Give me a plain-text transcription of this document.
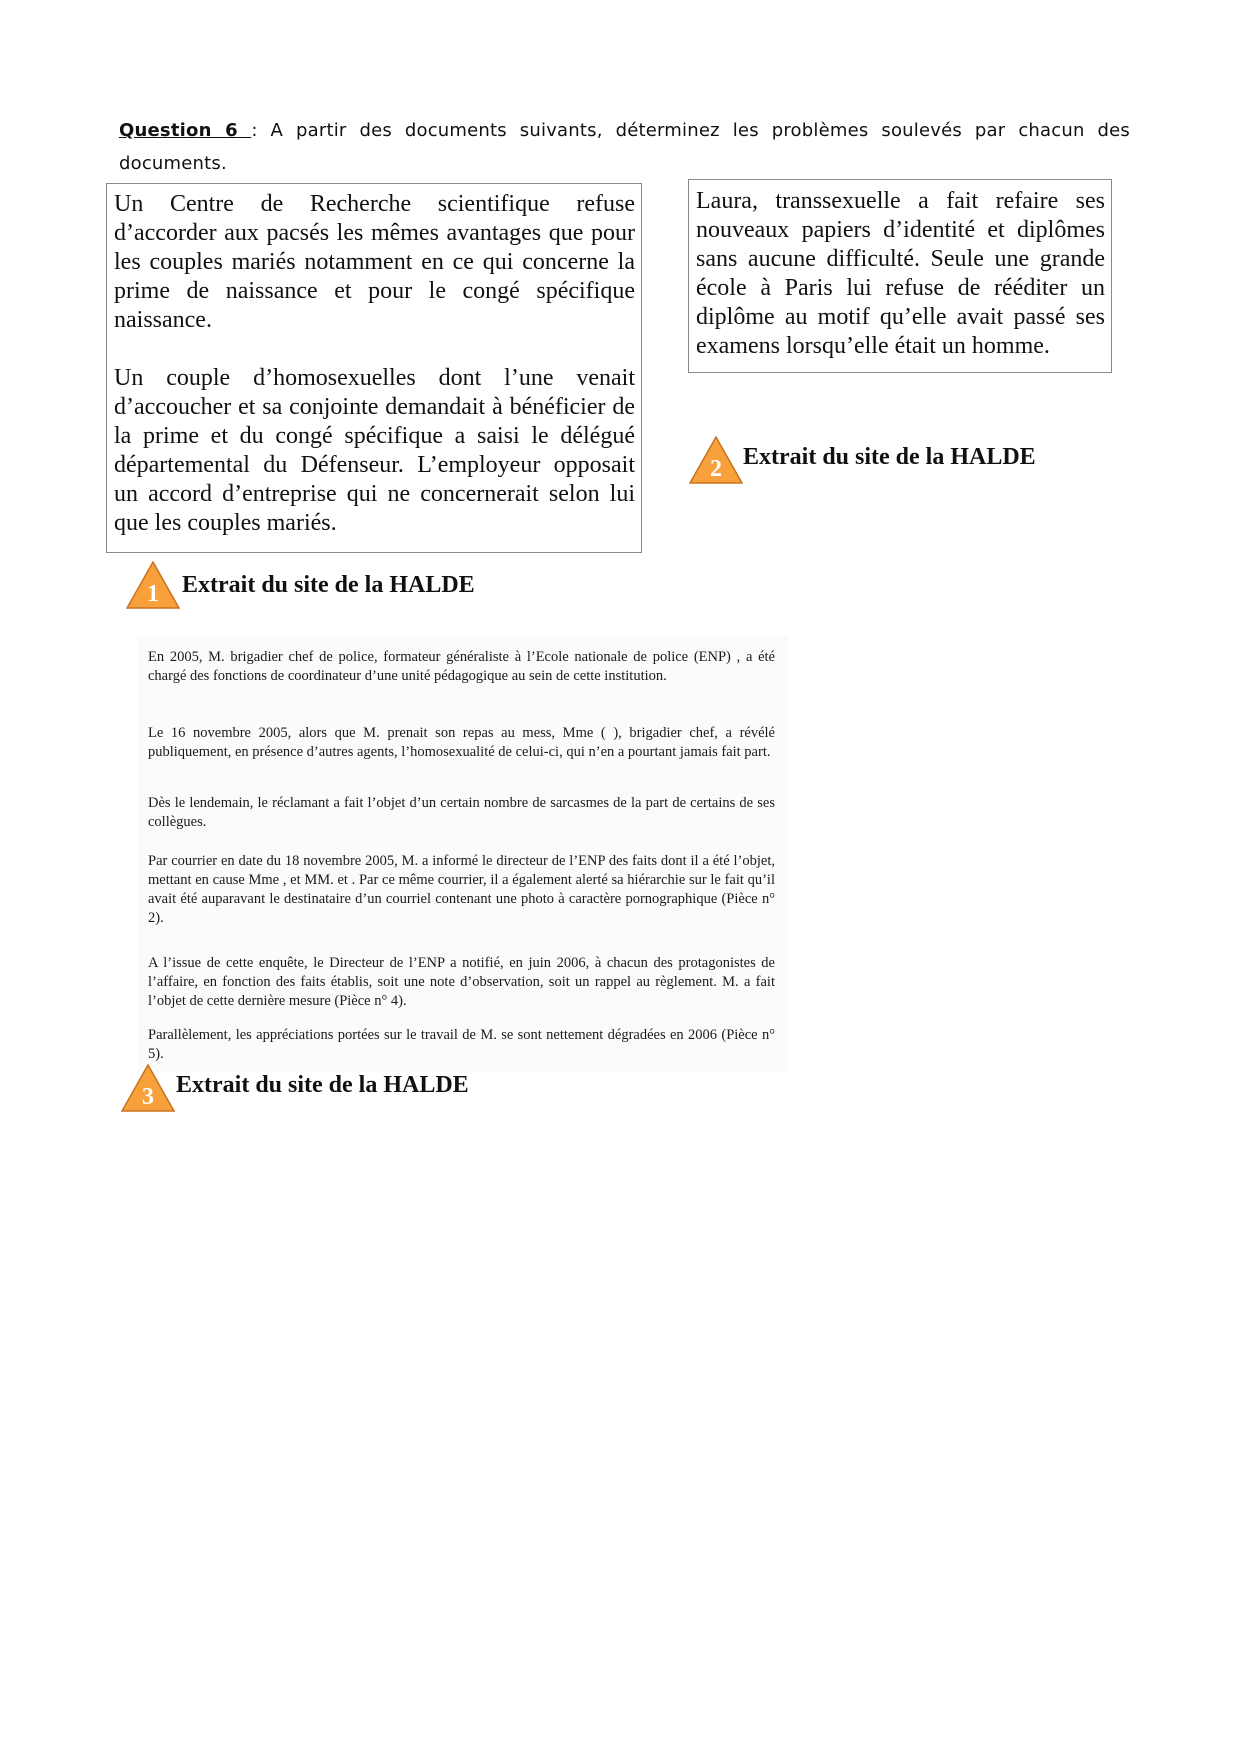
Question 6 : A partir des documents suivants, déterminez les problèmes soulevés par chacun des documents.

Un Centre de Recherche scientifique refuse d’accorder aux pacsés les mêmes avantages que pour les couples mariés notamment en ce qui concerne la prime de naissance et pour le congé spécifique naissance.

Un couple d’homosexuelles dont l’une venait d’accoucher et sa conjointe demandait à bénéficier de la prime et du congé spécifique a saisi le délégué départemental du Défenseur. L’employeur opposait un accord d’entreprise qui ne concernerait selon lui que les couples mariés.

Laura, transsexuelle a fait refaire ses nouveaux papiers d’identité et diplômes sans aucune difficulté. Seule une grande école à Paris lui refuse de rééditer un diplôme au motif qu’elle avait passé ses examens lorsqu’elle était un homme.

2 Extrait du site de la HALDE
1 Extrait du site de la HALDE

En 2005, M. brigadier chef de police, formateur généraliste à l’Ecole nationale de police (ENP) , a été chargé des fonctions de coordinateur d’une unité pédagogique au sein de cette institution.

Le 16 novembre 2005, alors que M. prenait son repas au mess, Mme ( ), brigadier chef, a révélé publiquement, en présence d’autres agents, l’homosexualité de celui-ci, qui n’en a pourtant jamais fait part.

Dès le lendemain, le réclamant a fait l’objet d’un certain nombre de sarcasmes de la part de certains de ses collègues.

Par courrier en date du 18 novembre 2005, M. a informé le directeur de l’ENP des faits dont il a été l’objet, mettant en cause Mme , et MM. et . Par ce même courrier, il a également alerté sa hiérarchie sur le fait qu’il avait été auparavant le destinataire d’un courriel contenant une photo à caractère pornographique (Pièce n° 2).

A l’issue de cette enquête, le Directeur de l’ENP a notifié, en juin 2006, à chacun des protagonistes de l’affaire, en fonction des faits établis, soit une note d’observation, soit un rappel au règlement. M. a fait l’objet de cette dernière mesure (Pièce n° 4).

Parallèlement, les appréciations portées sur le travail de M. se sont nettement dégradées en 2006 (Pièce n° 5).

3 Extrait du site de la HALDE
